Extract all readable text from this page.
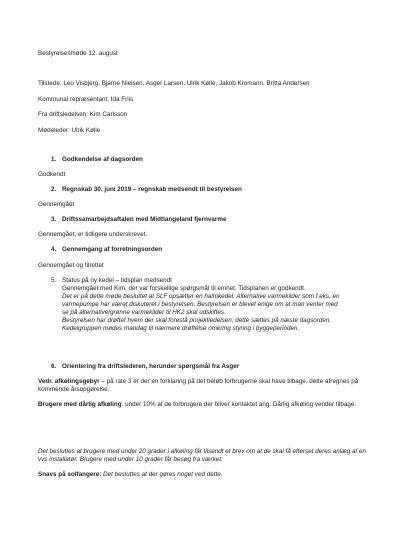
Bestyrelsesmøde 12. august
Tilstede: Leo Visbjerg, Bjarne Nielsen, Asger Larsen, Ulrik Kølle, Jakob Kromann, Britta Andersen
Kommunal repræsentant: Ida Friis
Fra driftsledelsen: Kim Carlsson
Mødeleder: Ulrik Kølle
1. Godkendelse af dagsorden
Godkendt
2. Regnskab 30. juni 2019 – regnskab medsendt til bestyrelsen
Gennemgået
3. Driftssamarbejdsaftalen med Midtlangeland fjernvarme
Gennemgået, er tidligere underskrevet.
4. Gennemgang af forretningsorden
Gennemgået og tilrettet
5. Status på ny kedel – tidsplan medsendt
Gennemgået med Kim, der var forskellige spørgsmål til emnet. Tidsplanen er godkendt.
Det er på dette møde besluttet at SLF opsætter en halmkedel. Alternative varmekilder som f.eks. en
varmepumpe har været diskuteret i bestyrelsen. Bestyrelsen er blevet enige om at man venter med
se på alternative/grønne varmekilder til HK2 skal udskiftes.
Bestyrelsen har drøftet hvem der skal forestå projektledelsen, dette sættes på næste dagsorden.
Kedelgruppen mødes mandag til nærmere drøftelse omkring styring i byggeperioden.
6. Orientering fra driftslederen, herunder spørgsmål fra Asger
Vedr. afkølingsgebyr – på rate 3 er der en forklaring på det beløb forbrugerne skal have tilbage, dette afregnes på kommende årsopgørelse.
Brugere med dårlig afkøling. under 10% af de forbrugere der bliver kontaktet ang. Dårlig afkøling vender tilbage.
Det besluttes at brugere med under 20 grader i afkøling får tilsendt et brev om at de skal få efterset deres anlæg af en vvs installatør. Brugere med under 10 grader får besøg fra værket.
Snavs på solfangere: Det besluttes at der gøres noget ved dette.
